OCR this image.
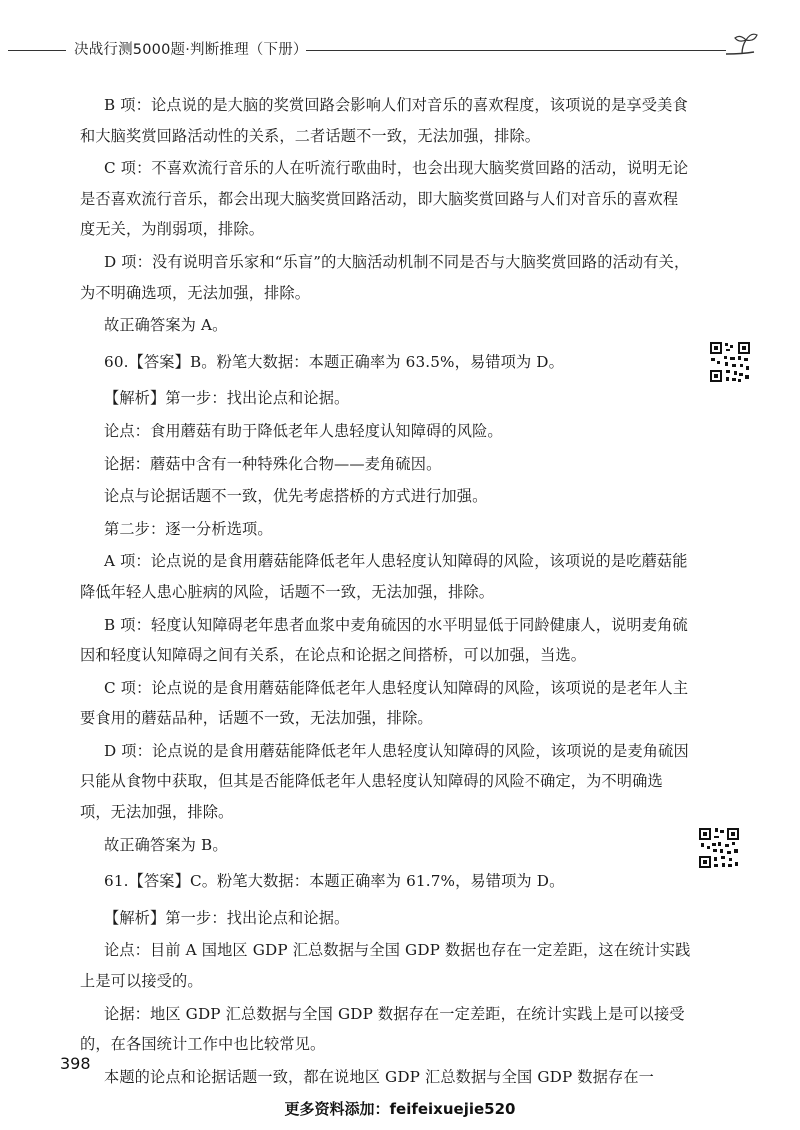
决战行测5000题·判断推理（下册）

B 项：论点说的是大脑的奖赏回路会影响人们对音乐的喜欢程度，该项说的是享受美食和大脑奖赏回路活动性的关系，二者话题不一致，无法加强，排除。

C 项：不喜欢流行音乐的人在听流行歌曲时，也会出现大脑奖赏回路的活动，说明无论是否喜欢流行音乐，都会出现大脑奖赏回路活动，即大脑奖赏回路与人们对音乐的喜欢程度无关，为削弱项，排除。

D 项：没有说明音乐家和“乐盲”的大脑活动机制不同是否与大脑奖赏回路的活动有关，为不明确选项，无法加强，排除。

故正确答案为 A。

60.【答案】B。粉笔大数据：本题正确率为 63.5%，易错项为 D。

【解析】第一步：找出论点和论据。

论点：食用蘑菇有助于降低老年人患轻度认知障碍的风险。

论据：蘑菇中含有一种特殊化合物——麦角硫因。

论点与论据话题不一致，优先考虑搭桥的方式进行加强。

第二步：逐一分析选项。

A 项：论点说的是食用蘑菇能降低老年人患轻度认知障碍的风险，该项说的是吃蘑菇能降低年轻人患心脏病的风险，话题不一致，无法加强，排除。

B 项：轻度认知障碍老年患者血浆中麦角硫因的水平明显低于同龄健康人，说明麦角硫因和轻度认知障碍之间有关系，在论点和论据之间搭桥，可以加强，当选。

C 项：论点说的是食用蘑菇能降低老年人患轻度认知障碍的风险，该项说的是老年人主要食用的蘑菇品种，话题不一致，无法加强，排除。

D 项：论点说的是食用蘑菇能降低老年人患轻度认知障碍的风险，该项说的是麦角硫因只能从食物中获取，但其是否能降低老年人患轻度认知障碍的风险不确定，为不明确选项，无法加强，排除。

故正确答案为 B。

61.【答案】C。粉笔大数据：本题正确率为 61.7%，易错项为 D。

【解析】第一步：找出论点和论据。

论点：目前 A 国地区 GDP 汇总数据与全国 GDP 数据也存在一定差距，这在统计实践上是可以接受的。

论据：地区 GDP 汇总数据与全国 GDP 数据存在一定差距，在统计实践上是可以接受的，在各国统计工作中也比较常见。

本题的论点和论据话题一致，都在说地区 GDP 汇总数据与全国 GDP 数据存在一

398
更多资料添加：feifeixuejie520
